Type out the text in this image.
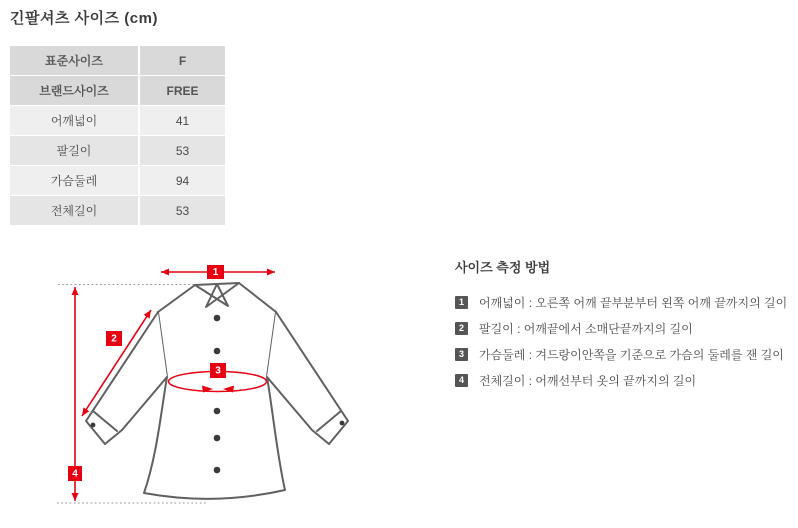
긴팔셔츠 사이즈 (cm)
표준사이즈	F
브랜드사이즈	FREE
어깨넓이	41
팔길이	53
가슴둘레	94
전체길이	53
1
2
3
4
사이즈 측정 방법
1	어깨넓이 : 오른쪽 어깨 끝부분부터 왼쪽 어깨 끝까지의 길이
2	팔길이 : 어깨끝에서 소매단끝까지의 길이
3	가슴둘레 : 겨드랑이안쪽을 기준으로 가슴의 둘레를 잰 길이
4	전체길이 : 어깨선부터 옷의 끝까지의 길이
